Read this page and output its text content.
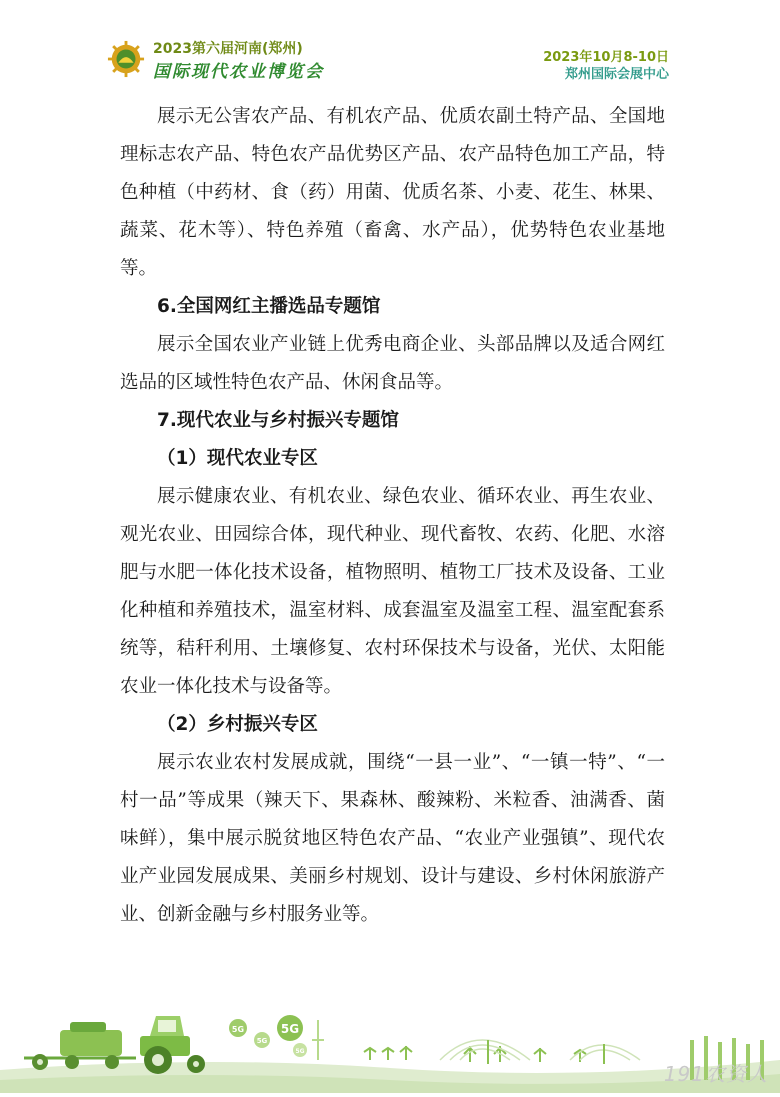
2023第六届河南(郑州)
国际现代农业博览会
2023年10月8-10日
郑州国际会展中心

展示无公害农产品、有机农产品、优质农副土特产品、全国地理标志农产品、特色农产品优势区产品、农产品特色加工产品，特色种植（中药材、食（药）用菌、优质名茶、小麦、花生、林果、蔬菜、花木等）、特色养殖（畜禽、水产品），优势特色农业基地等。

6.全国网红主播选品专题馆

展示全国农业产业链上优秀电商企业、头部品牌以及适合网红选品的区域性特色农产品、休闲食品等。

7.现代农业与乡村振兴专题馆
（1）现代农业专区

展示健康农业、有机农业、绿色农业、循环农业、再生农业、观光农业、田园综合体，现代种业、现代畜牧、农药、化肥、水溶肥与水肥一体化技术设备，植物照明、植物工厂技术及设备、工业化种植和养殖技术，温室材料、成套温室及温室工程、温室配套系统等，秸秆利用、土壤修复、农村环保技术与设备，光伏、太阳能农业一体化技术与设备等。

（2）乡村振兴专区

展示农业农村发展成就，围绕“一县一业”、“一镇一特”、“一村一品”等成果（辣天下、果森林、酸辣粉、米粒香、油满香、菌味鲜），集中展示脱贫地区特色农产品、“农业产业强镇”、现代农业产业园发展成果、美丽乡村规划、设计与建设、乡村休闲旅游产业、创新金融与乡村服务业等。

5G
5G
5G
5G
191农资人
